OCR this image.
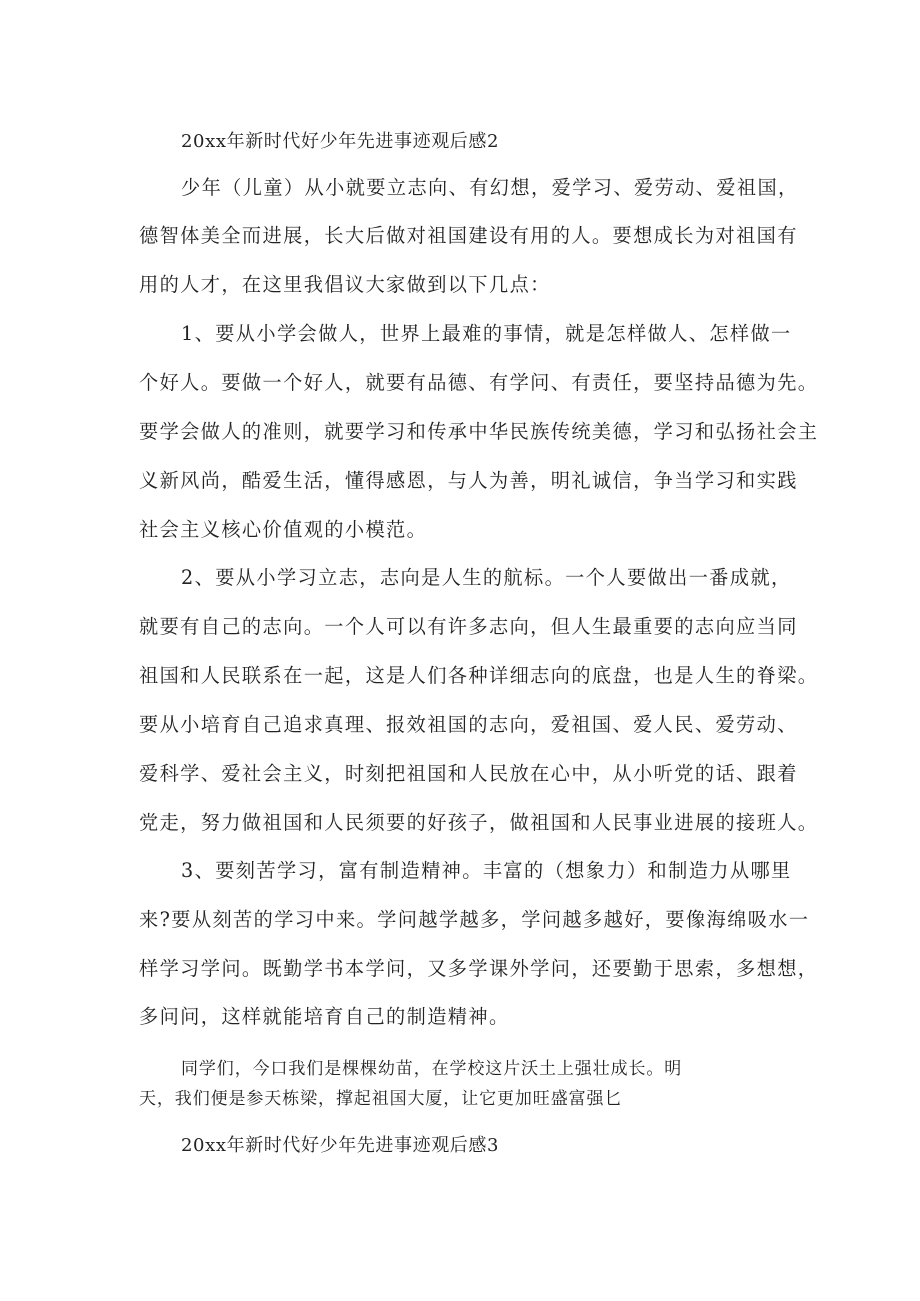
20xx年新时代好少年先进事迹观后感2
少年（儿童）从小就要立志向、有幻想，爱学习、爱劳动、爱祖国，
德智体美全而进展，长大后做对祖国建设有用的人。要想成长为对祖国有
用的人才，在这里我倡议大家做到以下几点：
1、要从小学会做人，世界上最难的事情，就是怎样做人、怎样做一
个好人。要做一个好人，就要有品德、有学问、有责任，要坚持品德为先。
要学会做人的准则，就要学习和传承中华民族传统美德，学习和弘扬社会主
义新风尚，酷爱生活，懂得感恩，与人为善，明礼诚信，争当学习和实践
社会主义核心价值观的小模范。
2、要从小学习立志，志向是人生的航标。一个人要做出一番成就，
就要有自己的志向。一个人可以有许多志向，但人生最重要的志向应当同
祖国和人民联系在一起，这是人们各种详细志向的底盘，也是人生的脊梁。
要从小培育自己追求真理、报效祖国的志向，爱祖国、爱人民、爱劳动、
爱科学、爱社会主义，时刻把祖国和人民放在心中，从小听党的话、跟着
党走，努力做祖国和人民须要的好孩子，做祖国和人民事业进展的接班人。
3、要刻苦学习，富有制造精神。丰富的（想象力）和制造力从哪里
来?要从刻苦的学习中来。学问越学越多，学问越多越好，要像海绵吸水一
样学习学问。既勤学书本学问，又多学课外学问，还要勤于思索，多想想，
多问问，这样就能培育自己的制造精神。
同学们，今口我们是棵棵幼苗，在学校这片沃土上强壮成长。明
天，我们便是参天栋梁，撑起祖国大厦，让它更加旺盛富强匕
20xx年新时代好少年先进事迹观后感3
